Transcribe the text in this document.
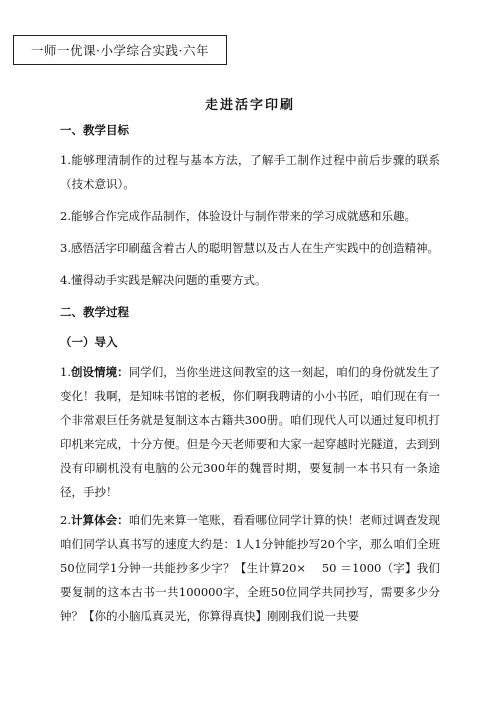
一师一优课·小学综合实践·六年
走进活字印刷

一、教学目标

1.能够理清制作的过程与基本方法，了解手工制作过程中前后步骤的联系（技术意识）。

2.能够合作完成作品制作，体验设计与制作带来的学习成就感和乐趣。

3.感悟活字印刷蕴含着古人的聪明智慧以及古人在生产实践中的创造精神。

4.懂得动手实践是解决问题的重要方式。

二、教学过程

（一）导入

1.创设情境：同学们，当你坐进这间教室的这一刻起，咱们的身份就发生了变化！我啊，是知味书馆的老板，你们啊我聘请的小小书匠，咱们现在有一个非常艰巨任务就是复制这本古籍共300册。咱们现代人可以通过复印机打印机来完成，十分方便。但是今天老师要和大家一起穿越时光隧道，去到到没有印刷机没有电脑的公元300年的魏晋时期，要复制一本书只有一条途径，手抄！

2.计算体会：咱们先来算一笔账，看看哪位同学计算的快！老师过调查发现咱们同学认真书写的速度大约是：1人1分钟能抄写20个字，那么咱们全班50位同学1分钟一共能抄多少字？【生计算20×　 50 ＝1000（字】我们要复制的这本古书一共100000字，全班50位同学共同抄写，需要多少分钟？【你的小脑瓜真灵光，你算得真快】刚刚我们说一共要
